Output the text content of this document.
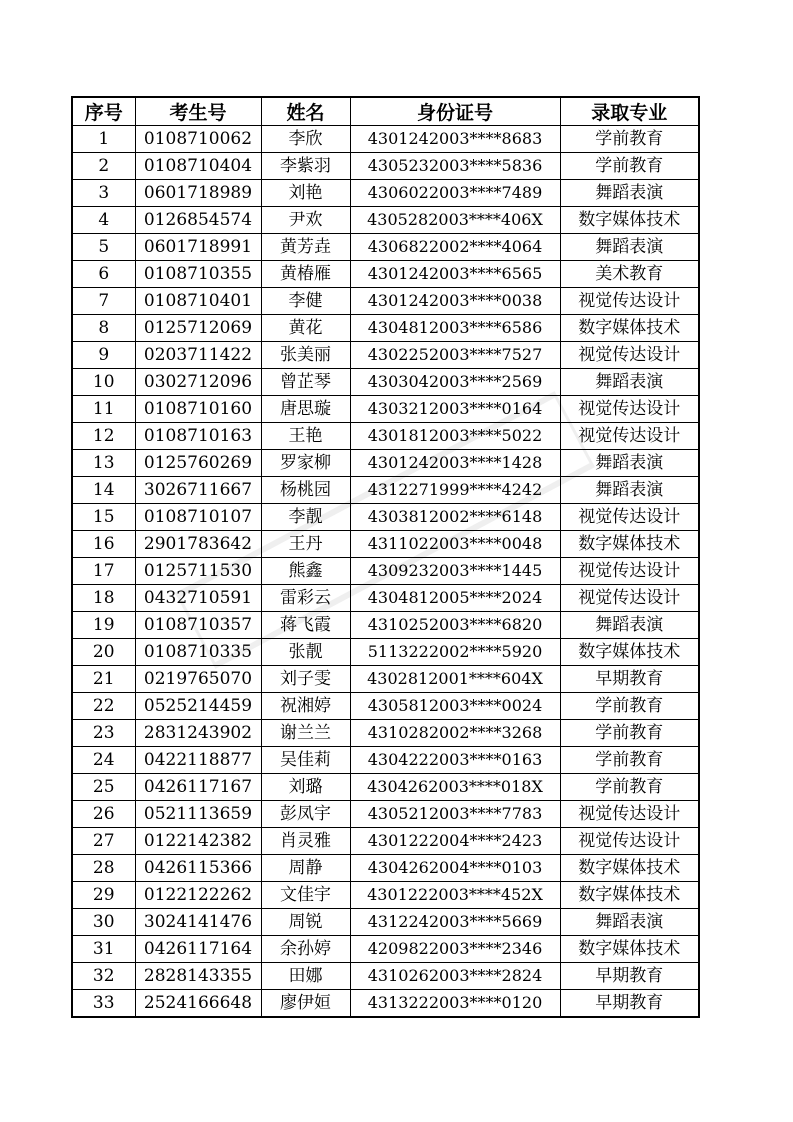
序号	考生号	姓名	身份证号	录取专业
1	0108710062	李欣	4301242003****8683	学前教育
2	0108710404	李紫羽	4305232003****5836	学前教育
3	0601718989	刘艳	4306022003****7489	舞蹈表演
4	0126854574	尹欢	4305282003****406X	数字媒体技术
5	0601718991	黄芳垚	4306822002****4064	舞蹈表演
6	0108710355	黄椿雁	4301242003****6565	美术教育
7	0108710401	李健	4301242003****0038	视觉传达设计
8	0125712069	黄花	4304812003****6586	数字媒体技术
9	0203711422	张美丽	4302252003****7527	视觉传达设计
10	0302712096	曾芷琴	4303042003****2569	舞蹈表演
11	0108710160	唐思璇	4303212003****0164	视觉传达设计
12	0108710163	王艳	4301812003****5022	视觉传达设计
13	0125760269	罗家柳	4301242003****1428	舞蹈表演
14	3026711667	杨桃园	4312271999****4242	舞蹈表演
15	0108710107	李靓	4303812002****6148	视觉传达设计
16	2901783642	王丹	4311022003****0048	数字媒体技术
17	0125711530	熊鑫	4309232003****1445	视觉传达设计
18	0432710591	雷彩云	4304812005****2024	视觉传达设计
19	0108710357	蒋飞霞	4310252003****6820	舞蹈表演
20	0108710335	张靓	5113222002****5920	数字媒体技术
21	0219765070	刘子雯	4302812001****604X	早期教育
22	0525214459	祝湘婷	4305812003****0024	学前教育
23	2831243902	谢兰兰	4310282002****3268	学前教育
24	0422118877	吴佳莉	4304222003****0163	学前教育
25	0426117167	刘璐	4304262003****018X	学前教育
26	0521113659	彭凤宇	4305212003****7783	视觉传达设计
27	0122142382	肖灵雅	4301222004****2423	视觉传达设计
28	0426115366	周静	4304262004****0103	数字媒体技术
29	0122122262	文佳宇	4301222003****452X	数字媒体技术
30	3024141476	周锐	4312242003****5669	舞蹈表演
31	0426117164	余孙婷	4209822003****2346	数字媒体技术
32	2828143355	田娜	4310262003****2824	早期教育
33	2524166648	廖伊姮	4313222003****0120	早期教育
